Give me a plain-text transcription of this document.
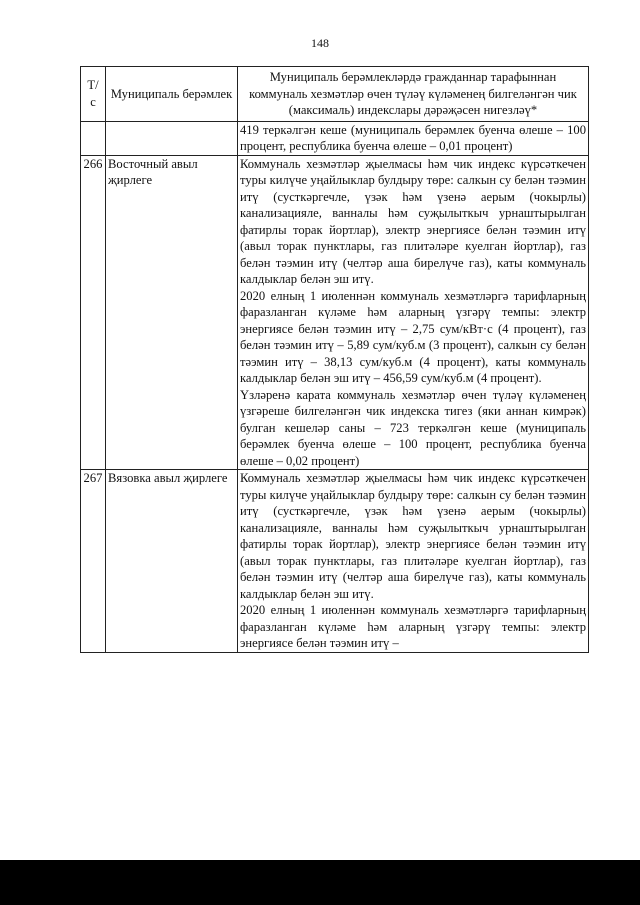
148
Т/с	Муниципаль берәмлек	Муниципаль берәмлекләрдә гражданнар тарафыннан коммуналь хезмәтләр өчен түләү күләменең билгеләнгән чик (максималь) индекслары дәрәҗәсен нигезләү*

		419 теркәлгән кеше (муниципаль берәмлек буенча өлеше – 100 процент, республика буенча өлеше – 0,01 процент)

266	Восточный авыл җирлеге	Коммуналь хезмәтләр җыелмасы һәм чик индекс күрсәткечен туры килүче уңайлыклар булдыру төре: салкын су белән тәэмин итү (сусткәргечле, үзәк һәм үзенә аерым (чокырлы) канализацияле, ванналы һәм суҗылыткыч урнаштырылган фатирлы торак йортлар), электр энергиясе белән тәэмин итү (авыл торак пунктлары, газ плитәләре куелган йортлар), газ белән тәэмин итү (челтәр аша бирелүче газ), каты коммуналь калдыклар белән эш итү.

2020 елның 1 июленнән коммуналь хезмәтләргә тарифларның фаразланган күләме һәм аларның үзгәрү темпы: электр энергиясе белән тәэмин итү – 2,75 сум/кВт·с (4 процент), газ белән тәэмин итү – 5,89 сум/куб.м (3 процент), салкын су белән тәэмин итү – 38,13 сум/куб.м (4 процент), каты коммуналь калдыклар белән эш итү – 456,59 сум/куб.м (4 процент).

Үзләренә карата коммуналь хезмәтләр өчен түләү күләменең үзгәреше билгеләнгән чик индекска тигез (яки аннан кимрәк) булган кешеләр саны – 723 теркәлгән кеше (муниципаль берәмлек буенча өлеше – 100 процент, республика буенча өлеше – 0,02 процент)

267	Вязовка авыл җирлеге	Коммуналь хезмәтләр җыелмасы һәм чик индекс күрсәткечен туры килүче уңайлыклар булдыру төре: салкын су белән тәэмин итү (сусткәргечле, үзәк һәм үзенә аерым (чокырлы) канализацияле, ванналы һәм суҗылыткыч урнаштырылган фатирлы торак йортлар), электр энергиясе белән тәэмин итү (авыл торак пунктлары, газ плитәләре куелган йортлар), газ белән тәэмин итү (челтәр аша бирелүче газ), каты коммуналь калдыклар белән эш итү.

2020 елның 1 июленнән коммуналь хезмәтләргә тарифларның фаразланган күләме һәм аларның үзгәрү темпы: электр энергиясе белән тәэмин итү –
